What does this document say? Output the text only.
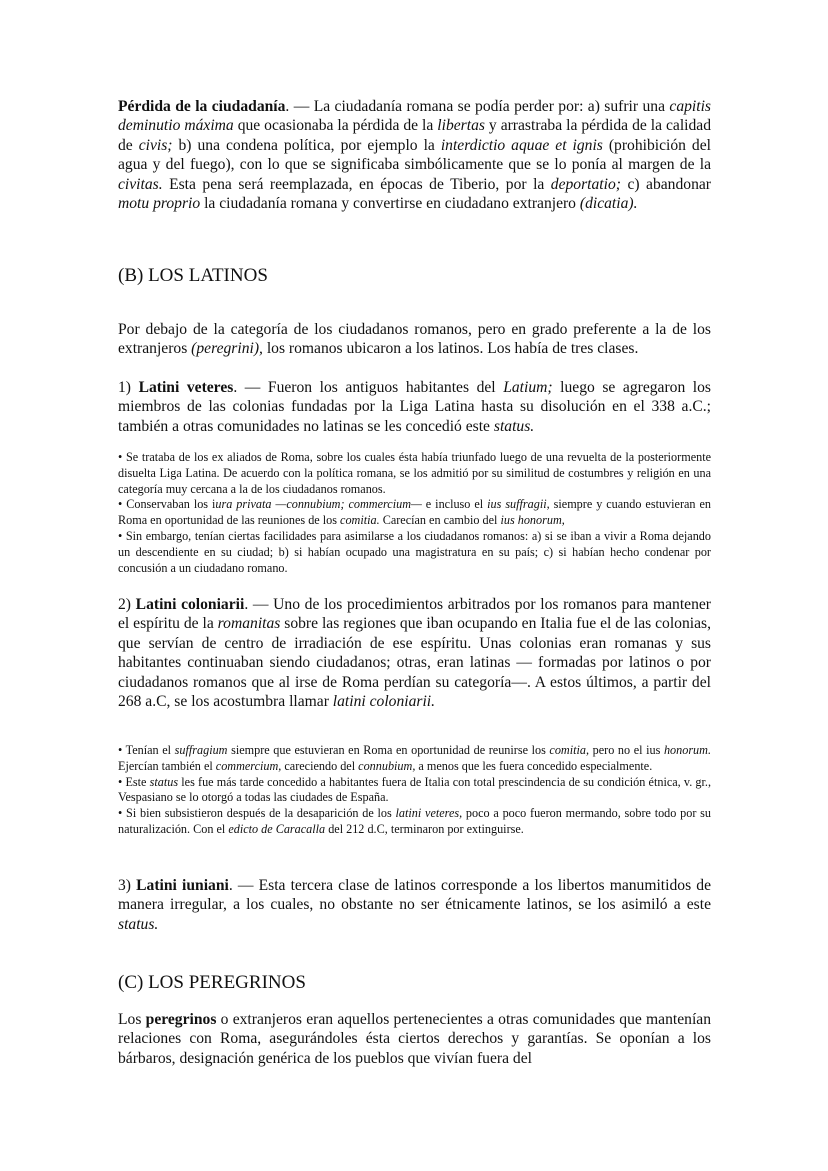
Pérdida de la ciudadanía. — La ciudadanía romana se podía perder por: a) sufrir una capitis deminutio máxima que ocasionaba la pérdida de la libertas y arrastraba la pérdida de la calidad de civis; b) una condena política, por ejemplo la interdictio aquae et ignis (prohibición del agua y del fuego), con lo que se significaba simbólicamente que se lo ponía al margen de la civitas. Esta pena será reemplazada, en épocas de Tiberio, por la deportatio; c) abandonar motu proprio la ciudadanía romana y convertirse en ciudadano extranjero (dicatia).

(B) LOS LATINOS

Por debajo de la categoría de los ciudadanos romanos, pero en grado preferente a la de los extranjeros (peregrini), los romanos ubicaron a los latinos. Los había de tres clases.

1) Latini veteres. — Fueron los antiguos habitantes del Latium; luego se agregaron los miembros de las colonias fundadas por la Liga Latina hasta su disolución en el 338 a.C.; también a otras comunidades no latinas se les concedió este status.

• Se trataba de los ex aliados de Roma, sobre los cuales ésta había triunfado luego de una revuelta de la posteriormente disuelta Liga Latina. De acuerdo con la política romana, se los admitió por su similitud de costumbres y religión en una categoría muy cercana a la de los ciudadanos romanos.

• Conservaban los iura privata —connubium; commercium— e incluso el ius suffragii, siempre y cuando estuvieran en Roma en oportunidad de las reuniones de los comitia. Carecían en cambio del ius honorum,

• Sin embargo, tenían ciertas facilidades para asimilarse a los ciudadanos romanos: a) si se iban a vivir a Roma dejando un descendiente en su ciudad; b) si habían ocupado una magistratura en su país; c) si habían hecho condenar por concusión a un ciudadano romano.

2) Latini coloniarii. — Uno de los procedimientos arbitrados por los romanos para mantener el espíritu de la romanitas sobre las regiones que iban ocupando en Italia fue el de las colonias, que servían de centro de irradiación de ese espíritu. Unas colonias eran romanas y sus habitantes continuaban siendo ciudadanos; otras, eran latinas — formadas por latinos o por ciudadanos romanos que al irse de Roma perdían su categoría—. A estos últimos, a partir del 268 a.C, se los acostumbra llamar latini coloniarii.

• Tenían el suffragium siempre que estuvieran en Roma en oportunidad de reunirse los comitia, pero no el ius honorum. Ejercían también el commercium, careciendo del connubium, a menos que les fuera concedido especialmente.

• Este status les fue más tarde concedido a habitantes fuera de Italia con total prescindencia de su condición étnica, v. gr., Vespasiano se lo otorgó a todas las ciudades de España.

• Si bien subsistieron después de la desaparición de los latini veteres, poco a poco fueron mermando, sobre todo por su naturalización. Con el edicto de Caracalla del 212 d.C, terminaron por extinguirse.

3) Latini iuniani. — Esta tercera clase de latinos corresponde a los libertos manumitidos de manera irregular, a los cuales, no obstante no ser étnicamente latinos, se los asimiló a este status.

(C) LOS PEREGRINOS

Los peregrinos o extranjeros eran aquellos pertenecientes a otras comunidades que mantenían relaciones con Roma, asegurándoles ésta ciertos derechos y garantías. Se oponían a los bárbaros, designación genérica de los pueblos que vivían fuera del
